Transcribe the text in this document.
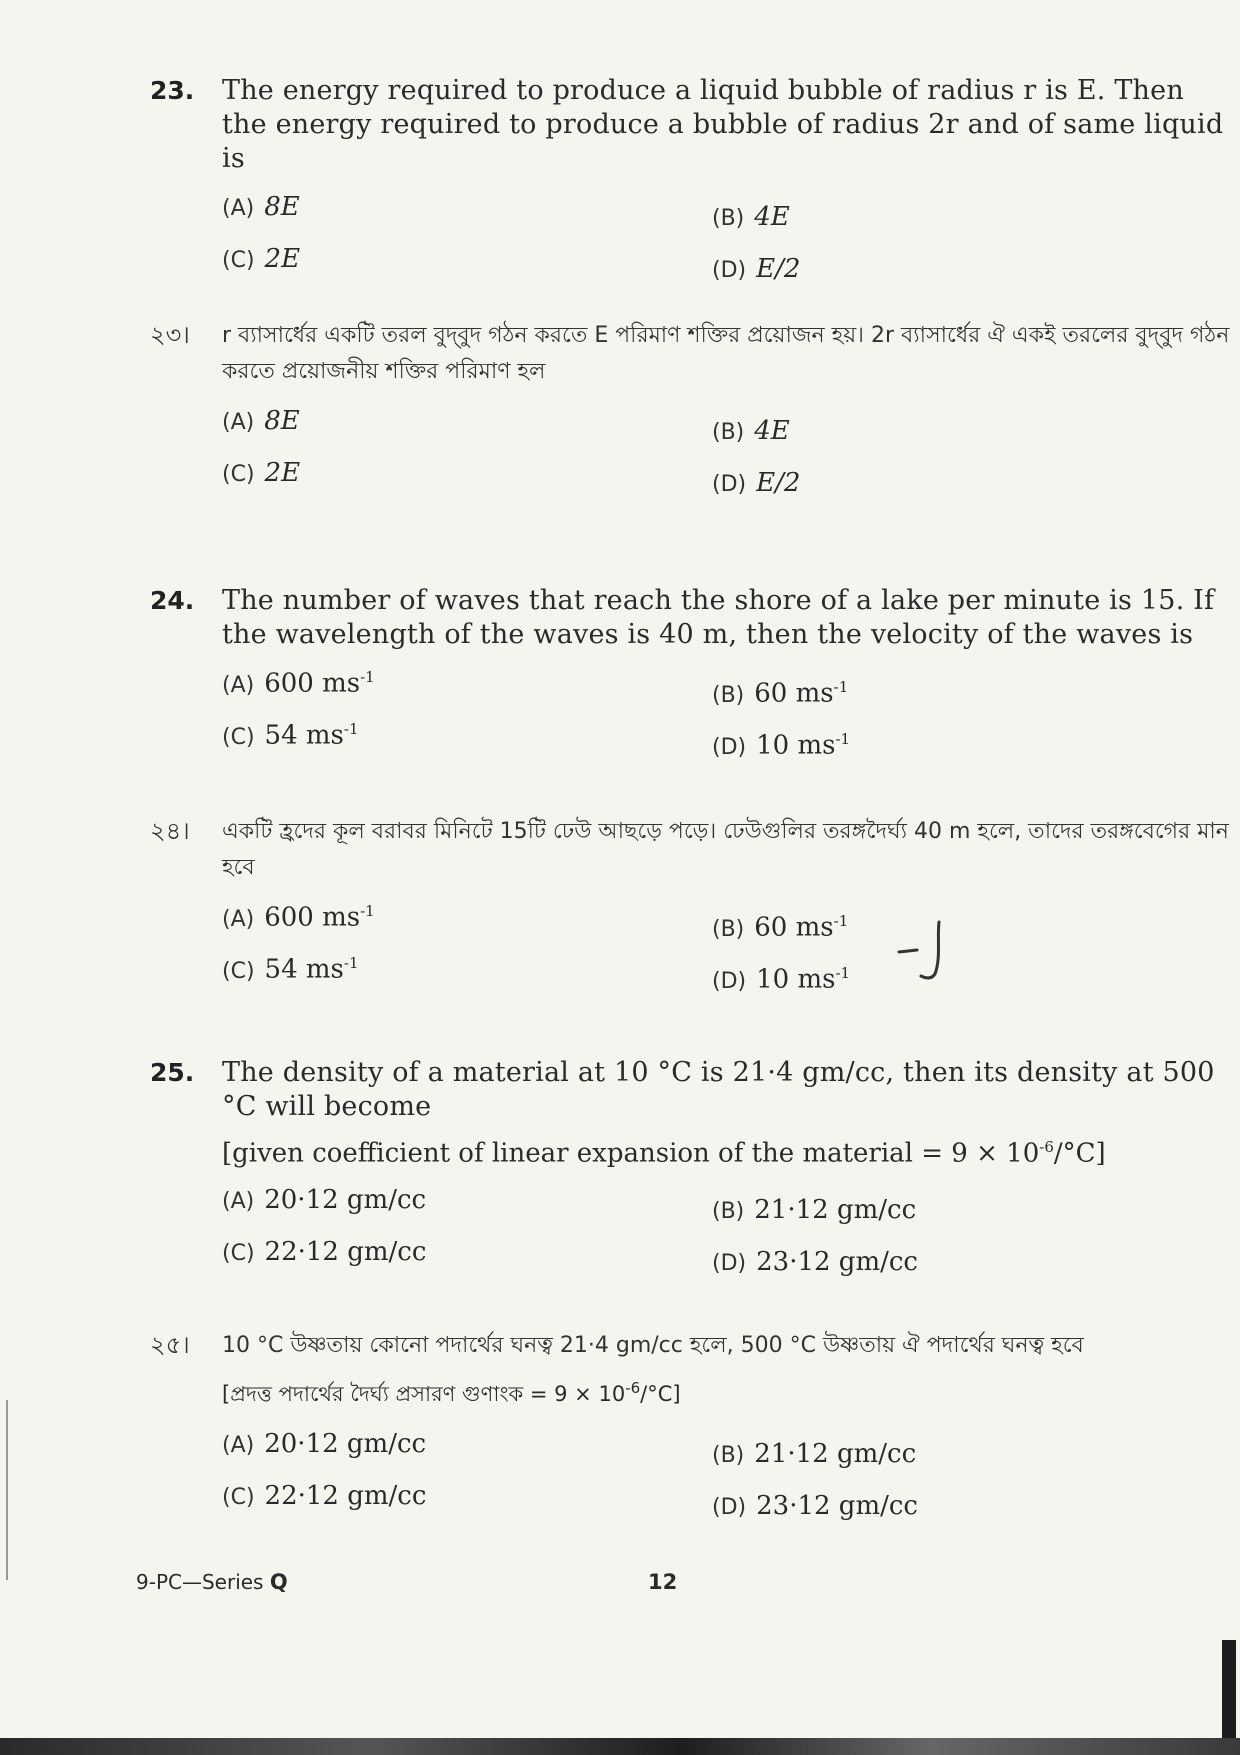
23.	The energy required to produce a liquid bubble of radius r is E. Then the energy required to produce a bubble of radius 2r and of same liquid is
(A) 8E	(B) 4E
(C) 2E	(D) E/2
২৩।	r ব্যাসার্ধের একটি তরল বুদ্‌বুদ গঠন করতে E পরিমাণ শক্তির প্রয়োজন হয়। 2r ব্যাসার্ধের ঐ একই তরলের বুদ্‌বুদ গঠন করতে প্রয়োজনীয় শক্তির পরিমাণ হল
(A) 8E	(B) 4E
(C) 2E	(D) E/2
24.	The number of waves that reach the shore of a lake per minute is 15. If the wavelength of the waves is 40 m, then the velocity of the waves is
(A) 600 $ms^{-1}$
(B) 60 $ms^{-1}$
(C) 54 $ms^{-1}$
(D) 10 $ms^{-1}$
২৪।	একটি হ্রদের কূল বরাবর মিনিটে 15টি ঢেউ আছড়ে পড়ে। ঢেউগুলির তরঙ্গদৈর্ঘ্য 40 m হলে, তাদের তরঙ্গবেগের মান হবে
(A) 600 $ms^{-1}$
(B) 60 $ms^{-1}$
(C) 54 $ms^{-1}$
(D) 10 $ms^{-1}$
25.	The density of a material at 10 °C is 21·4 gm/cc, then its density at 500 °C will become
[given coefficient of linear expansion of the material = $9 \times 10^{-6}/^\circ C$]
(A) 20·12 gm/cc	(B) 21·12 gm/cc
(C) 22·12 gm/cc	(D) 23·12 gm/cc
২৫।	10 °C উষ্ণতায় কোনো পদার্থের ঘনত্ব 21·4 gm/cc হলে, 500 °C উষ্ণতায় ঐ পদার্থের ঘনত্ব হবে
[প্রদত্ত পদার্থের দৈর্ঘ্য প্রসারণ গুণাংক = $9 \times 10^{-6}/^\circ C$]
(A) 20·12 gm/cc	(B) 21·12 gm/cc
(C) 22·12 gm/cc	(D) 23·12 gm/cc
9-PC—Series Q	12
